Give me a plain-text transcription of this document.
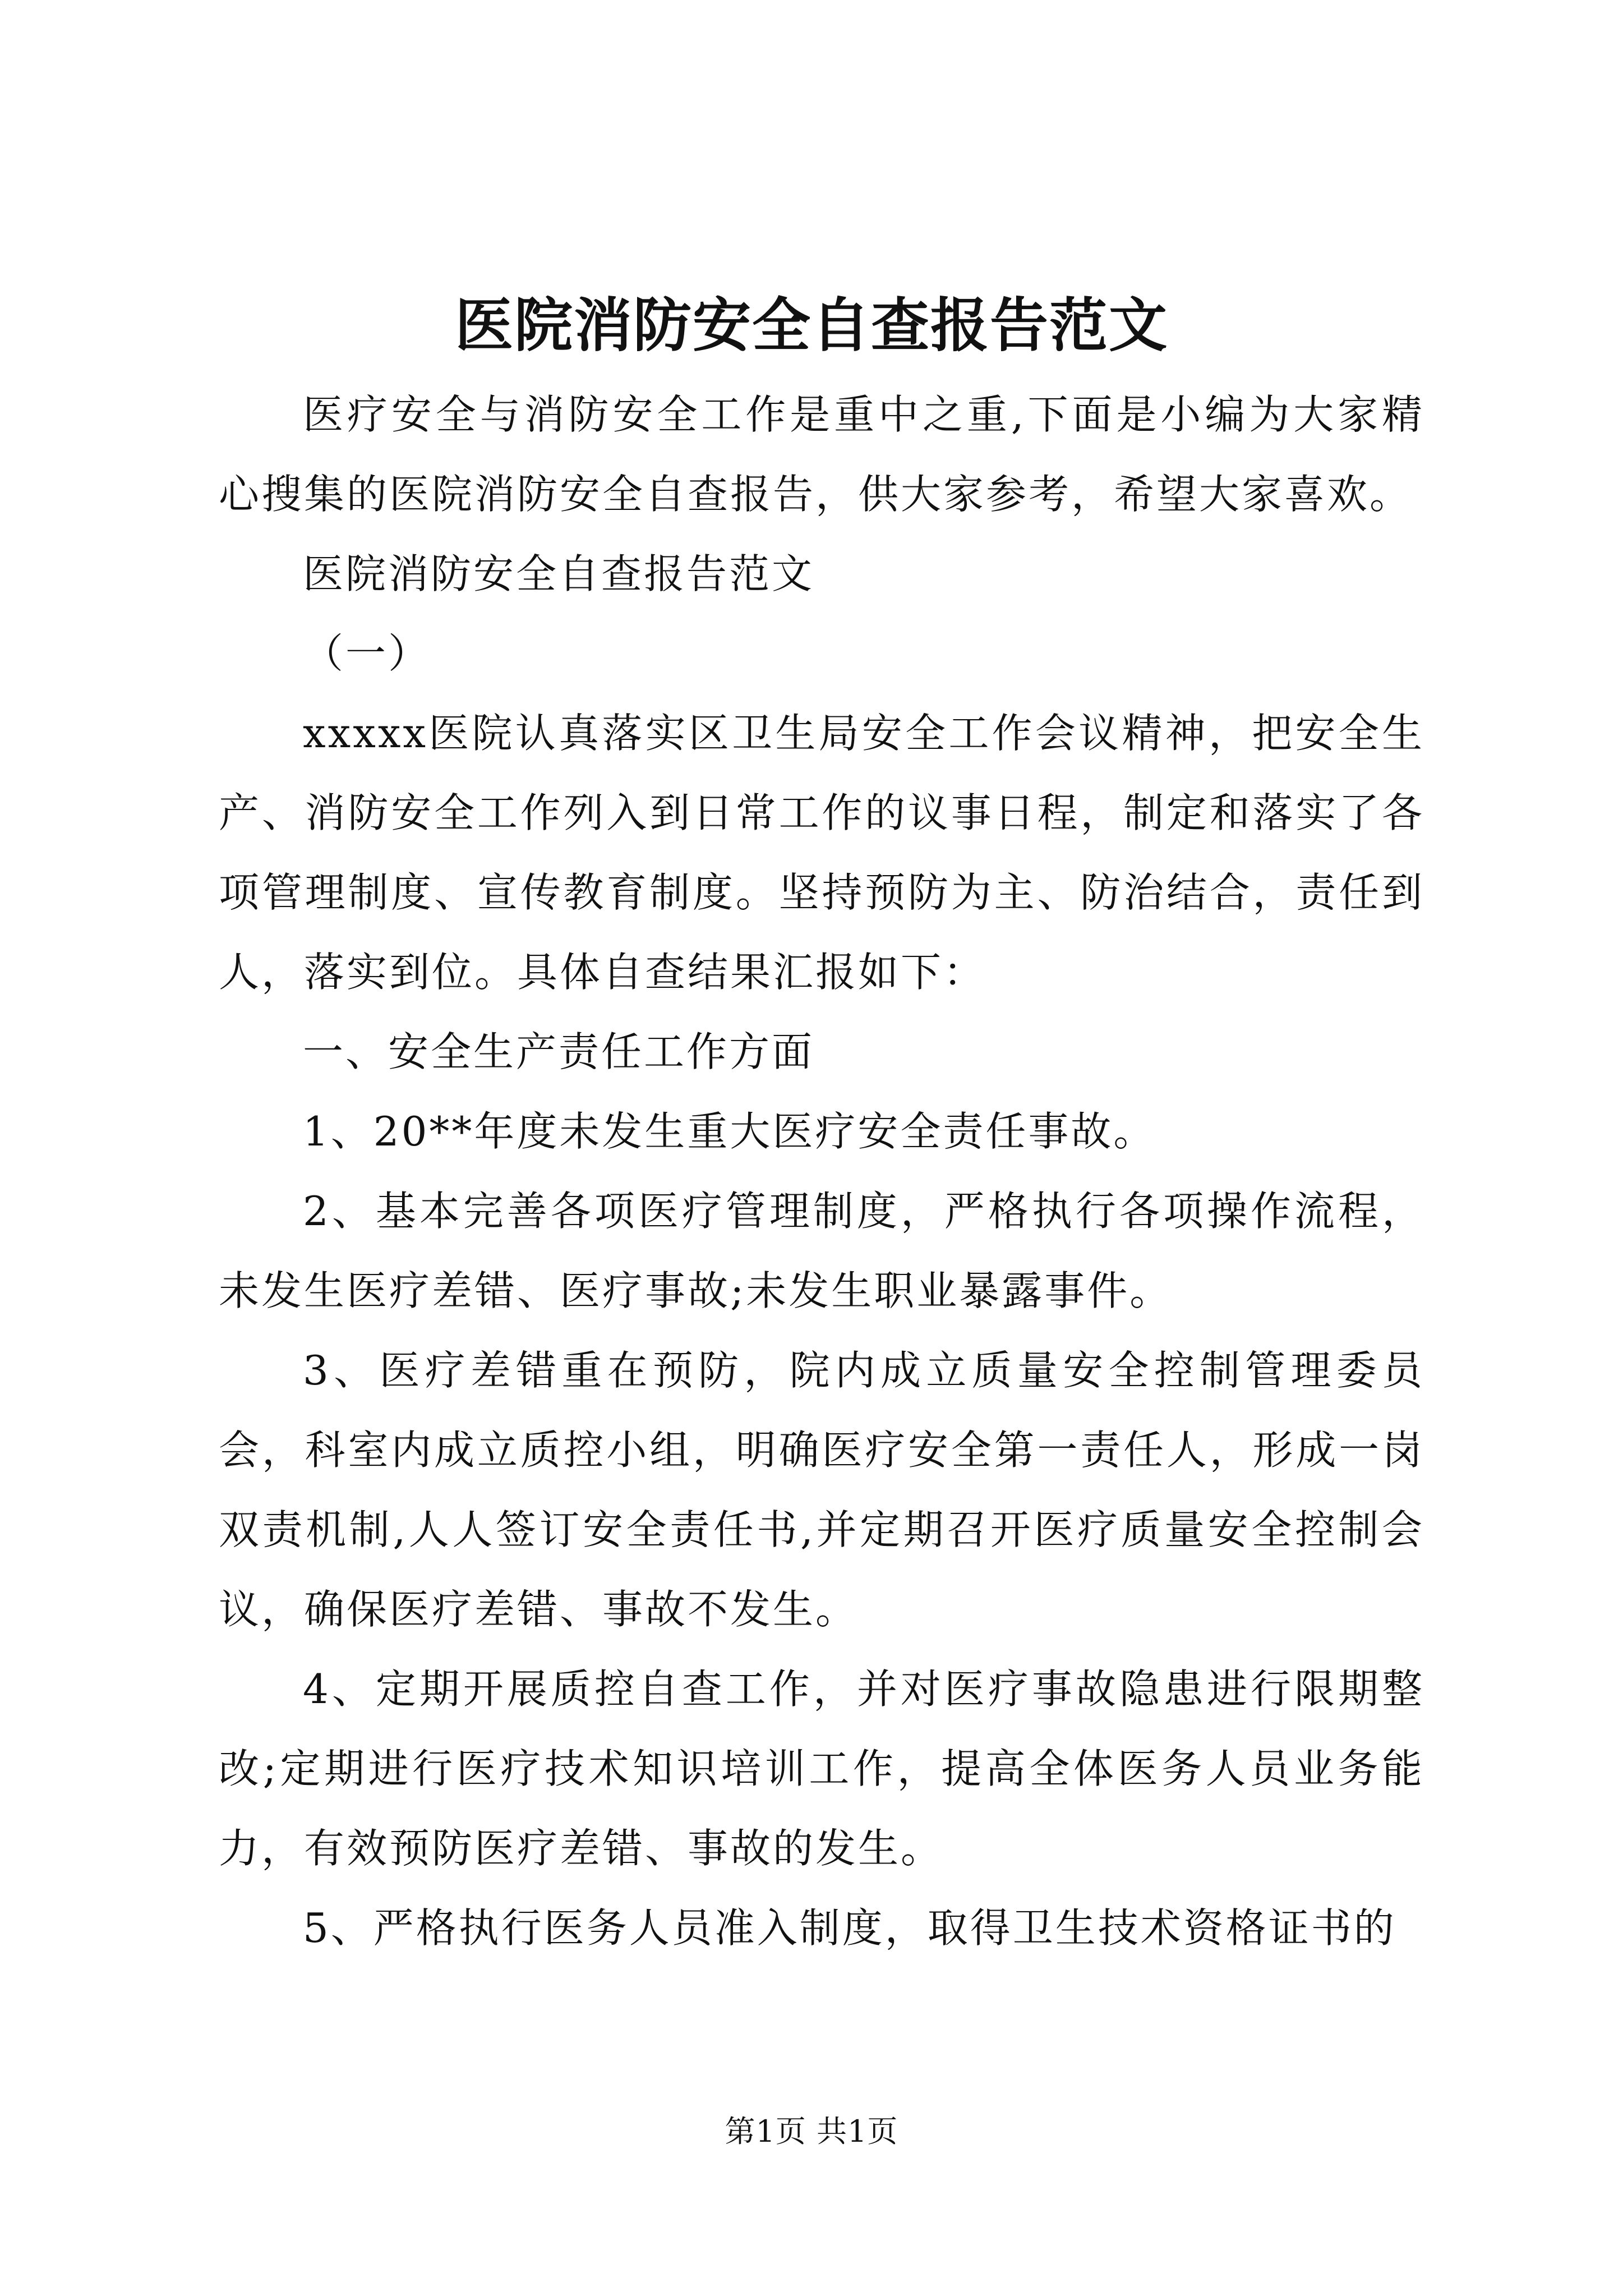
医院消防安全自查报告范文

医疗安全与消防安全工作是重中之重,下面是小编为大家精心搜集的医院消防安全自查报告，供大家参考，希望大家喜欢。

医院消防安全自查报告范文

（一）

xxxxx医院认真落实区卫生局安全工作会议精神，把安全生产、消防安全工作列入到日常工作的议事日程，制定和落实了各项管理制度、宣传教育制度。坚持预防为主、防治结合，责任到人，落实到位。具体自查结果汇报如下：

一、安全生产责任工作方面

1、20**年度未发生重大医疗安全责任事故。

2、基本完善各项医疗管理制度，严格执行各项操作流程，未发生医疗差错、医疗事故;未发生职业暴露事件。

3、医疗差错重在预防，院内成立质量安全控制管理委员会，科室内成立质控小组，明确医疗安全第一责任人，形成一岗双责机制,人人签订安全责任书,并定期召开医疗质量安全控制会议，确保医疗差错、事故不发生。

4、定期开展质控自查工作，并对医疗事故隐患进行限期整改;定期进行医疗技术知识培训工作，提高全体医务人员业务能力，有效预防医疗差错、事故的发生。

5、严格执行医务人员准入制度，取得卫生技术资格证书的

第1页 共1页
